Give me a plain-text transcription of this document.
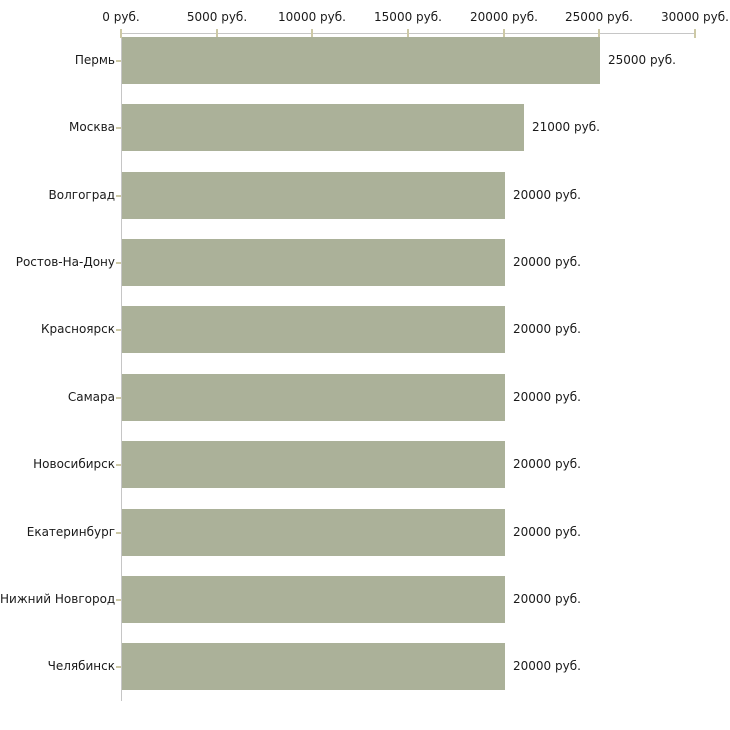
0 руб.	5000 руб.	10000 руб. 15000 руб. 20000 руб. 25000 руб. 30000 руб.
Пермь	25000 руб.
Москва	21000 руб.
Волгоград	20000 руб.
Ростов-На-Дону	20000 руб.
Красноярск	20000 руб.
Самара	20000 руб.
Новосибирск	20000 руб.
Екатеринбург	20000 руб.
Нижний Новгород	20000 руб.
Челябинск	20000 руб.
